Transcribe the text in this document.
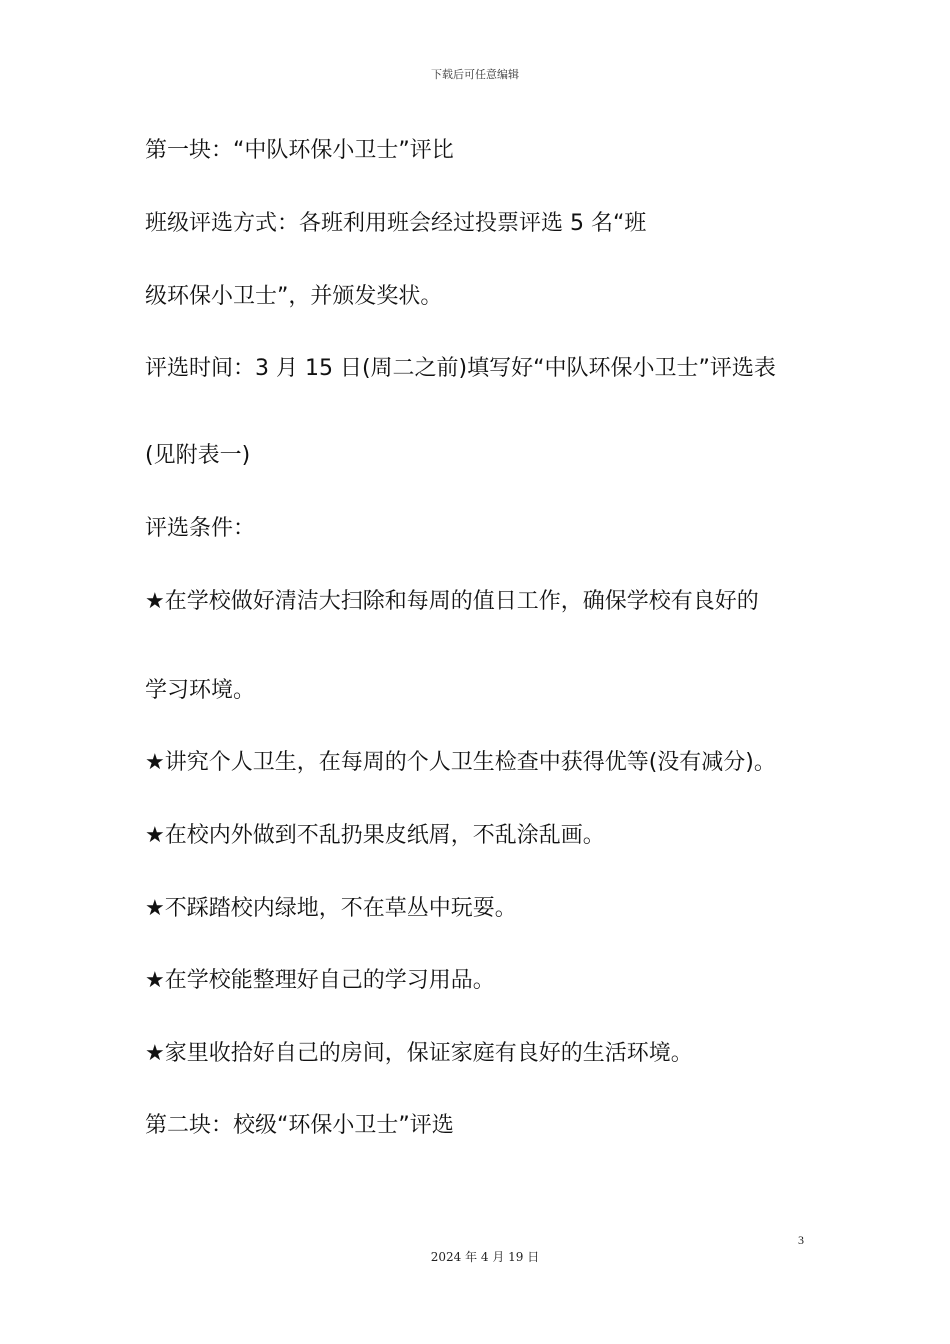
下载后可任意编辑
第一块：“中队环保小卫士”评比
班级评选方式：各班利用班会经过投票评选 5 名“班
级环保小卫士”，并颁发奖状。
评选时间：3 月 15 日(周二之前)填写好“中队环保小卫士”评选表
(见附表一)
评选条件：
★在学校做好清洁大扫除和每周的值日工作，确保学校有良好的
学习环境。
★讲究个人卫生，在每周的个人卫生检查中获得优等(没有减分)。
★在校内外做到不乱扔果皮纸屑，不乱涂乱画。
★不踩踏校内绿地，不在草丛中玩耍。
★在学校能整理好自己的学习用品。
★家里收拾好自己的房间，保证家庭有良好的生活环境。
第二块：校级“环保小卫士”评选
3
2024 年 4 月 19 日
